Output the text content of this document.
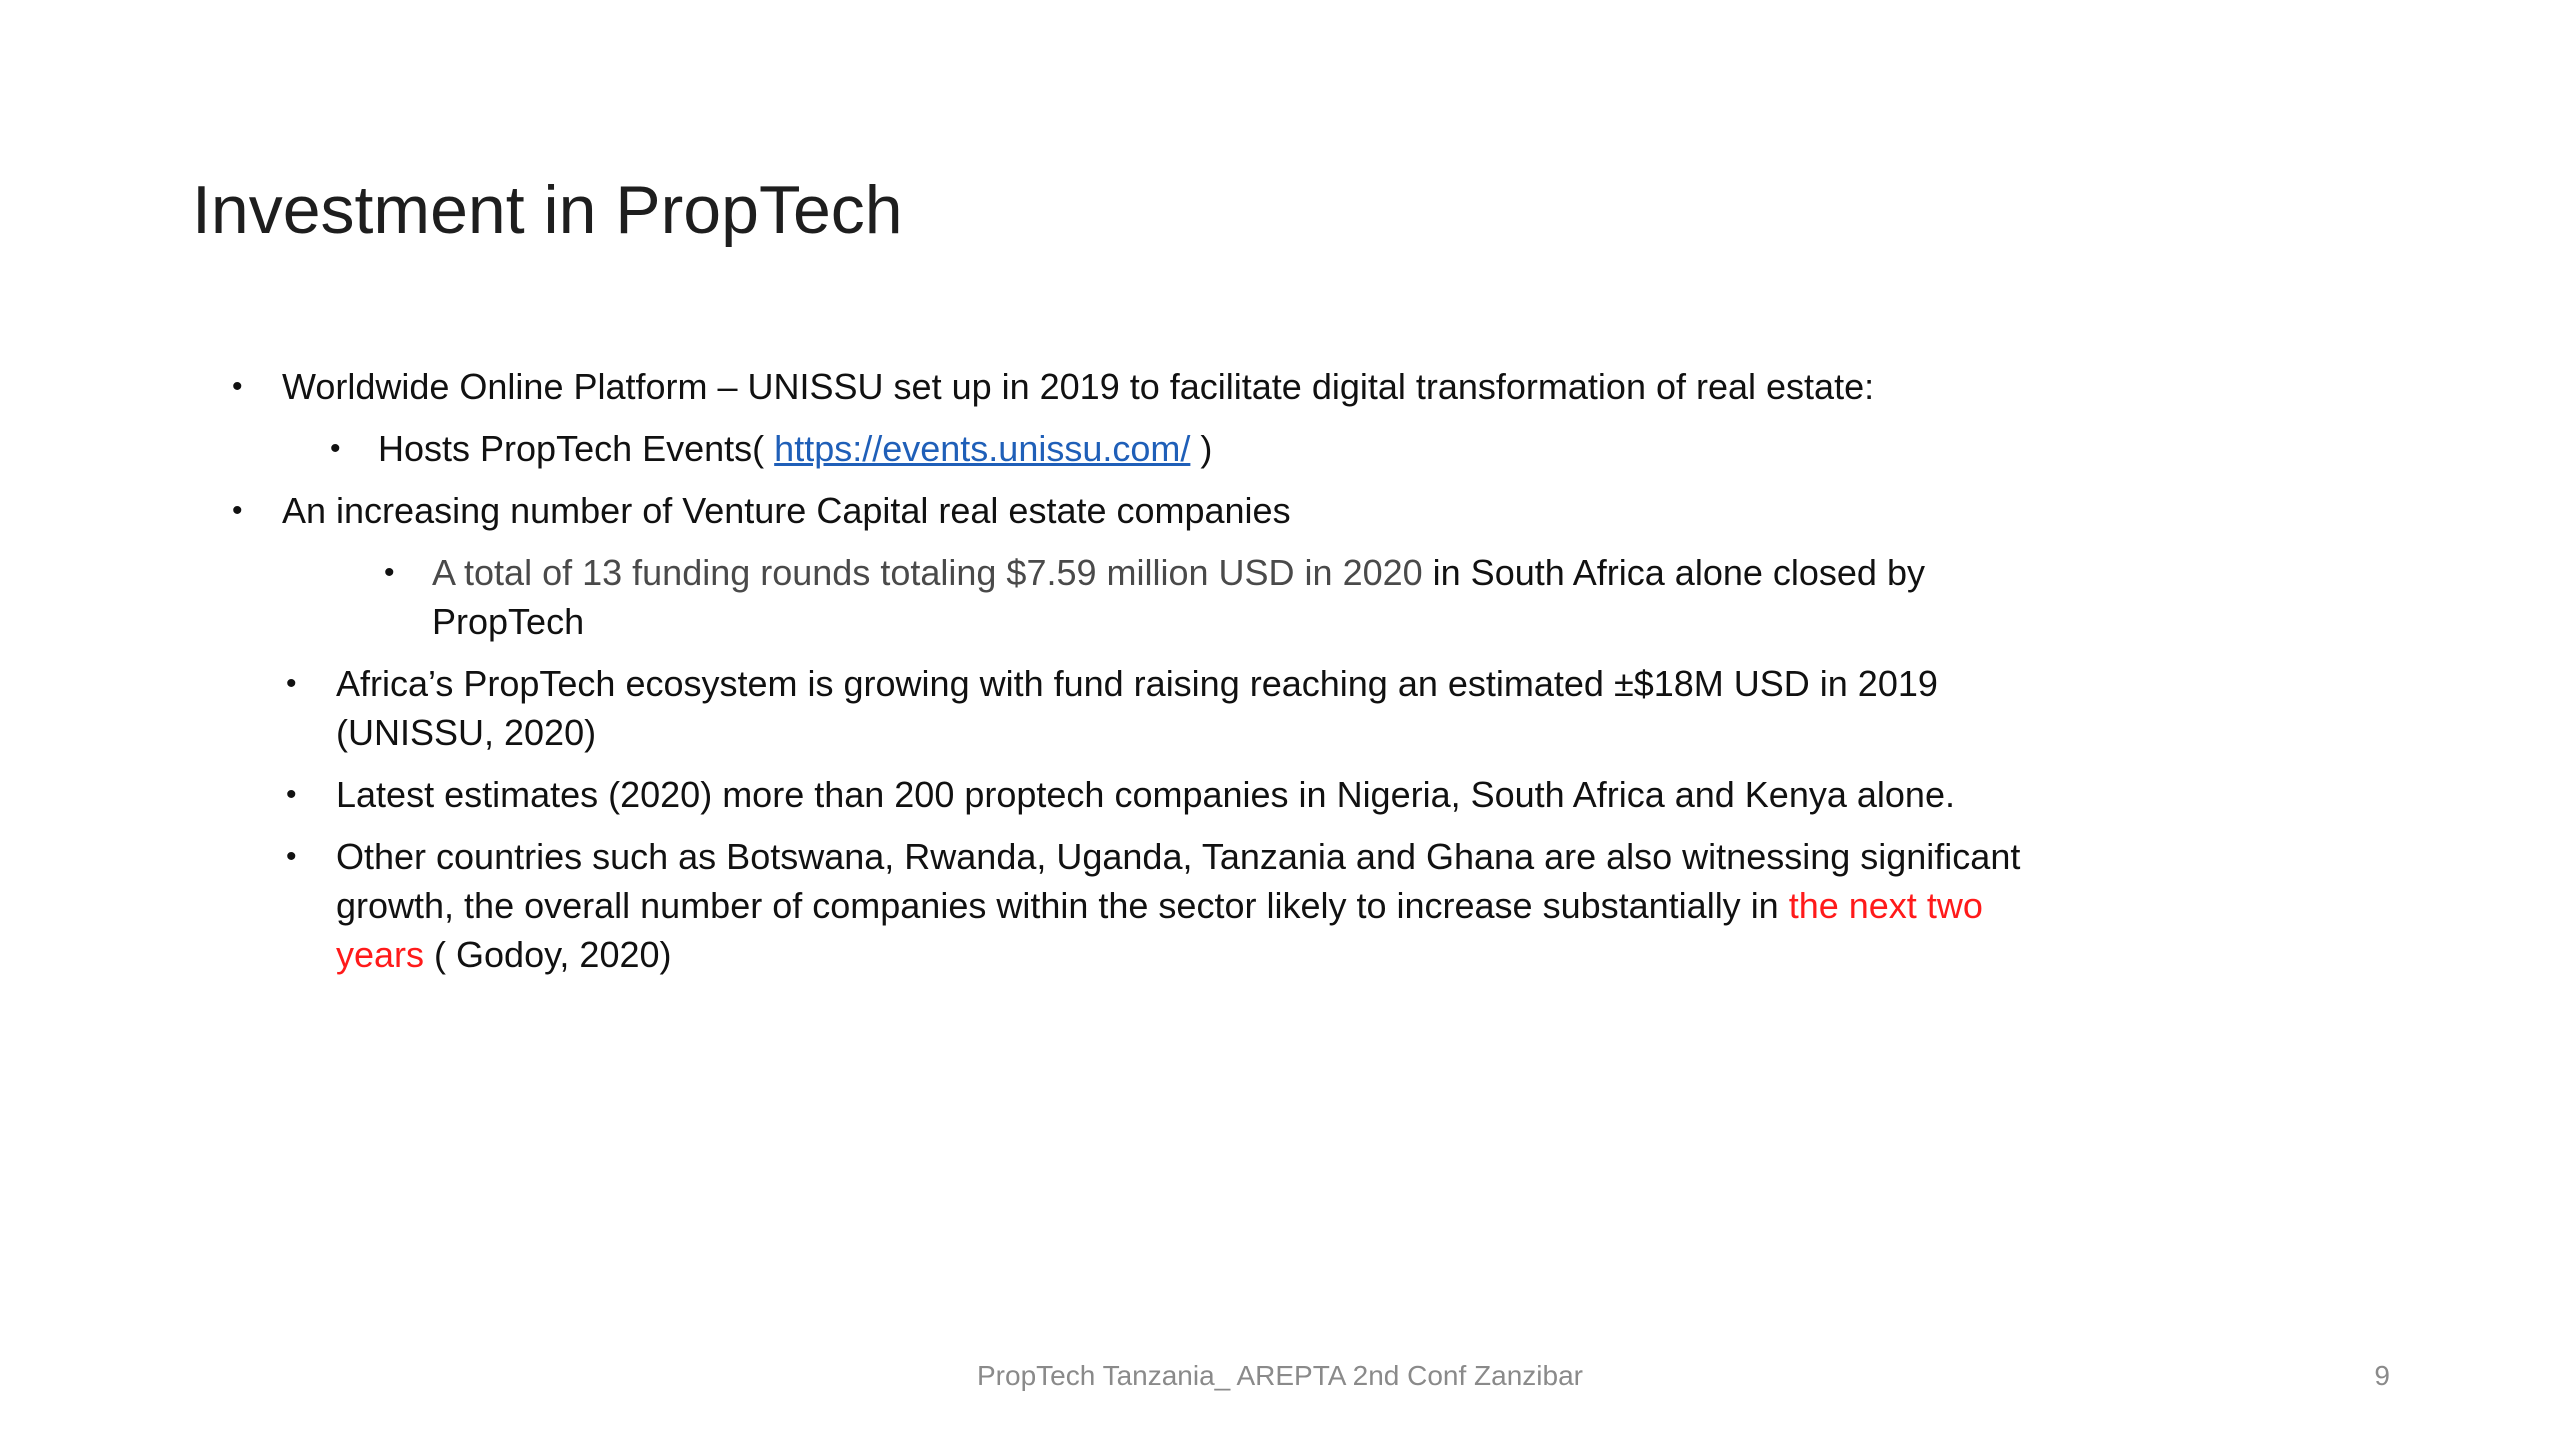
Investment in PropTech
• Worldwide Online Platform – UNISSU set up in 2019 to facilitate digital transformation of real estate:
• Hosts PropTech Events( https://events.unissu.com/ )
• An increasing number of Venture Capital real estate companies
• A total of 13 funding rounds totaling $7.59 million USD in 2020 in South Africa alone closed by PropTech
• Africa’s PropTech ecosystem is growing with fund raising reaching an estimated ±$18M USD in 2019 (UNISSU, 2020)
• Latest estimates (2020) more than 200 proptech companies in Nigeria, South Africa and Kenya alone.
• Other countries such as Botswana, Rwanda, Uganda, Tanzania and Ghana are also witnessing significant growth, the overall number of companies within the sector likely to increase substantially in the next two years ( Godoy, 2020)
PropTech Tanzania_ AREPTA 2nd Conf Zanzibar	9
